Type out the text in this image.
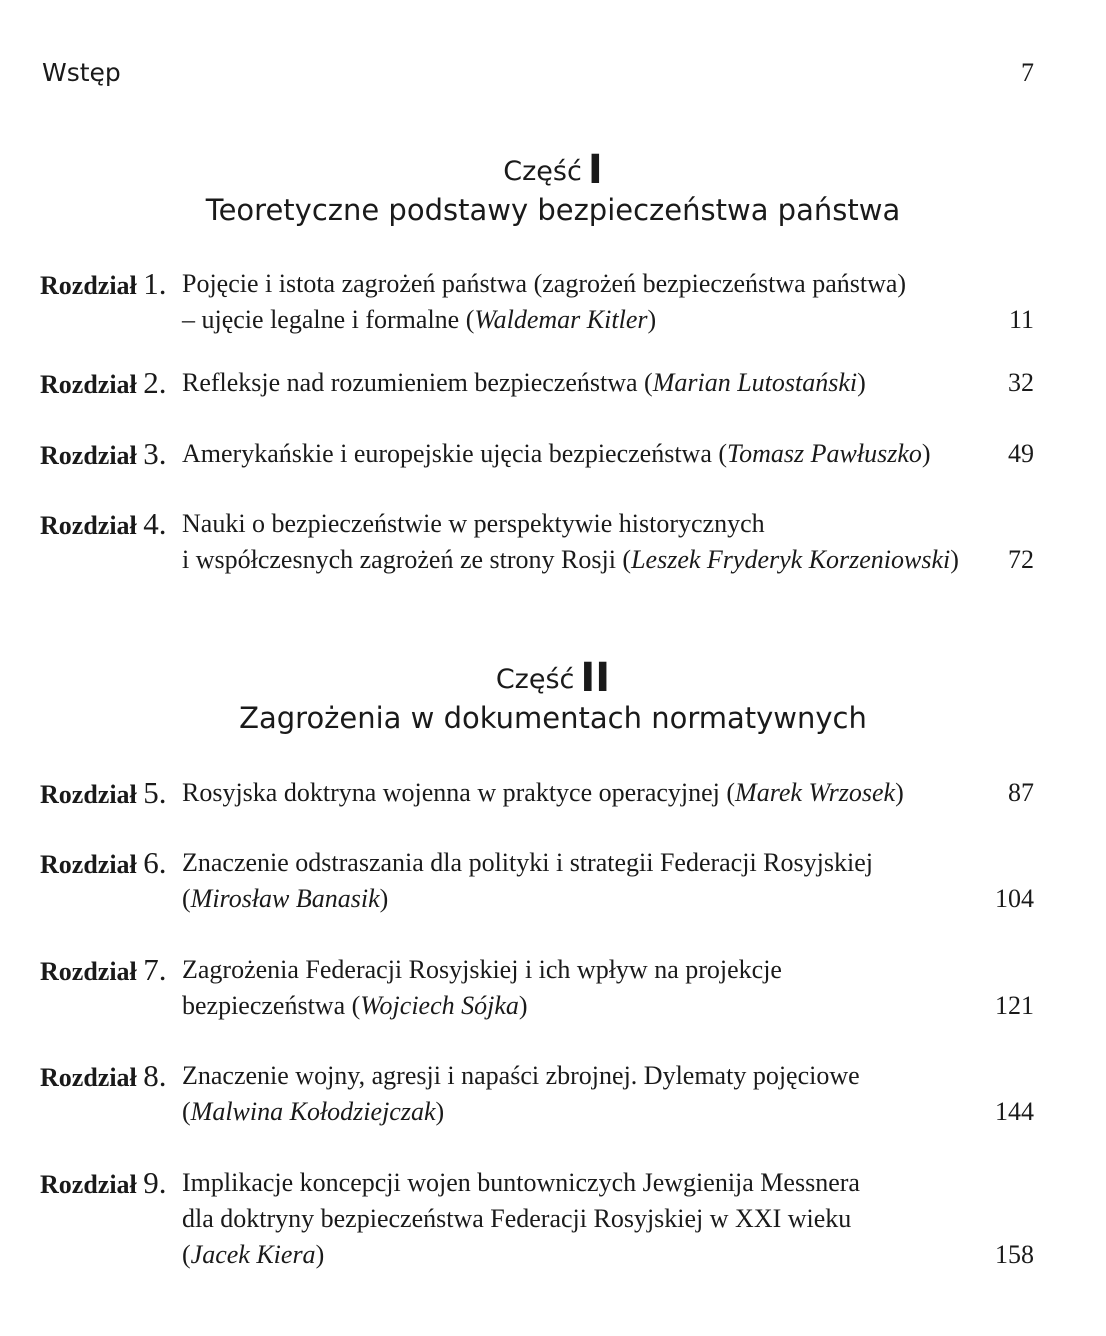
Wstęp	7
Część I
Teoretyczne podstawy bezpieczeństwa państwa
Część II
Zagrożenia w dokumentach normatywnych
Rozdział 1. Pojęcie i istota zagrożeń państwa (zagrożeń bezpieczeństwa państwa)
– ujęcie legalne i formalne (Waldemar Kitler)	11
Rozdział 2. Refleksje nad rozumieniem bezpieczeństwa (Marian Lutostański)	32
Rozdział 3. Amerykańskie i europejskie ujęcia bezpieczeństwa (Tomasz Pawłuszko)	49
Rozdział 4. Nauki o bezpieczeństwie w perspektywie historycznych
i współczesnych zagrożeń ze strony Rosji (Leszek Fryderyk Korzeniowski)	72
Rozdział 5. Rosyjska doktryna wojenna w praktyce operacyjnej (Marek Wrzosek)	87
Rozdział 6. Znaczenie odstraszania dla polityki i strategii Federacji Rosyjskiej
(Mirosław Banasik)	104
Rozdział 7. Zagrożenia Federacji Rosyjskiej i ich wpływ na projekcje
bezpieczeństwa (Wojciech Sójka)	121
Rozdział 8. Znaczenie wojny, agresji i napaści zbrojnej. Dylematy pojęciowe
(Malwina Kołodziejczak)	144
Rozdział 9. Implikacje koncepcji wojen buntowniczych Jewgienija Messnera
dla doktryny bezpieczeństwa Federacji Rosyjskiej w XXI wieku
(Jacek Kiera)	158
